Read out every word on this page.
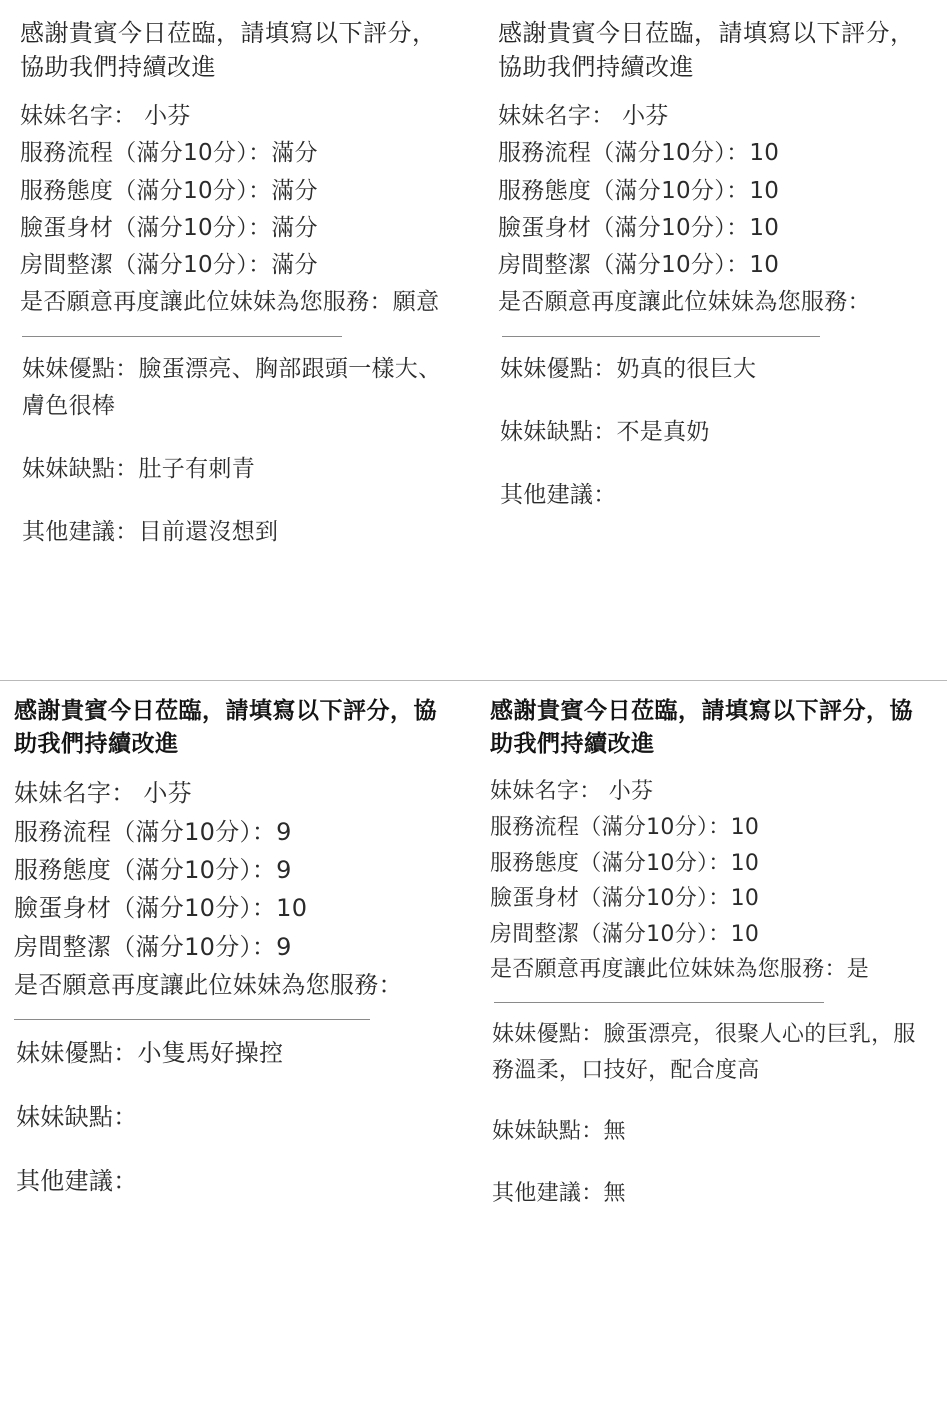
感謝貴賓今日莅臨，請填寫以下評分，協助我們持續改進
妹妹名字： 小芬
服務流程（滿分10分）：滿分
服務態度（滿分10分）：滿分
臉蛋身材（滿分10分）：滿分
房間整潔（滿分10分）：滿分
是否願意再度讓此位妹妹為您服務：願意
妹妹優點：臉蛋漂亮、胸部跟頭一樣大、膚色很棒
妹妹缺點：肚子有刺青
其他建議：目前還沒想到
感謝貴賓今日莅臨，請填寫以下評分，協助我們持續改進
妹妹名字： 小芬
服務流程（滿分10分）：10
服務態度（滿分10分）：10
臉蛋身材（滿分10分）：10
房間整潔（滿分10分）：10
是否願意再度讓此位妹妹為您服務：
妹妹優點：奶真的很巨大
妹妹缺點：不是真奶
其他建議：
感謝貴賓今日莅臨，請填寫以下評分，協助我們持續改進
妹妹名字： 小芬
服務流程（滿分10分）：9
服務態度（滿分10分）：9
臉蛋身材（滿分10分）：10
房間整潔（滿分10分）：9
是否願意再度讓此位妹妹為您服務：
妹妹優點：小隻馬好操控
妹妹缺點：
其他建議：
感謝貴賓今日莅臨，請填寫以下評分，協助我們持續改進
妹妹名字： 小芬
服務流程（滿分10分）：10
服務態度（滿分10分）：10
臉蛋身材（滿分10分）：10
房間整潔（滿分10分）：10
是否願意再度讓此位妹妹為您服務：是
妹妹優點：臉蛋漂亮，很聚人心的巨乳，服務溫柔，口技好，配合度高
妹妹缺點：無
其他建議：無
